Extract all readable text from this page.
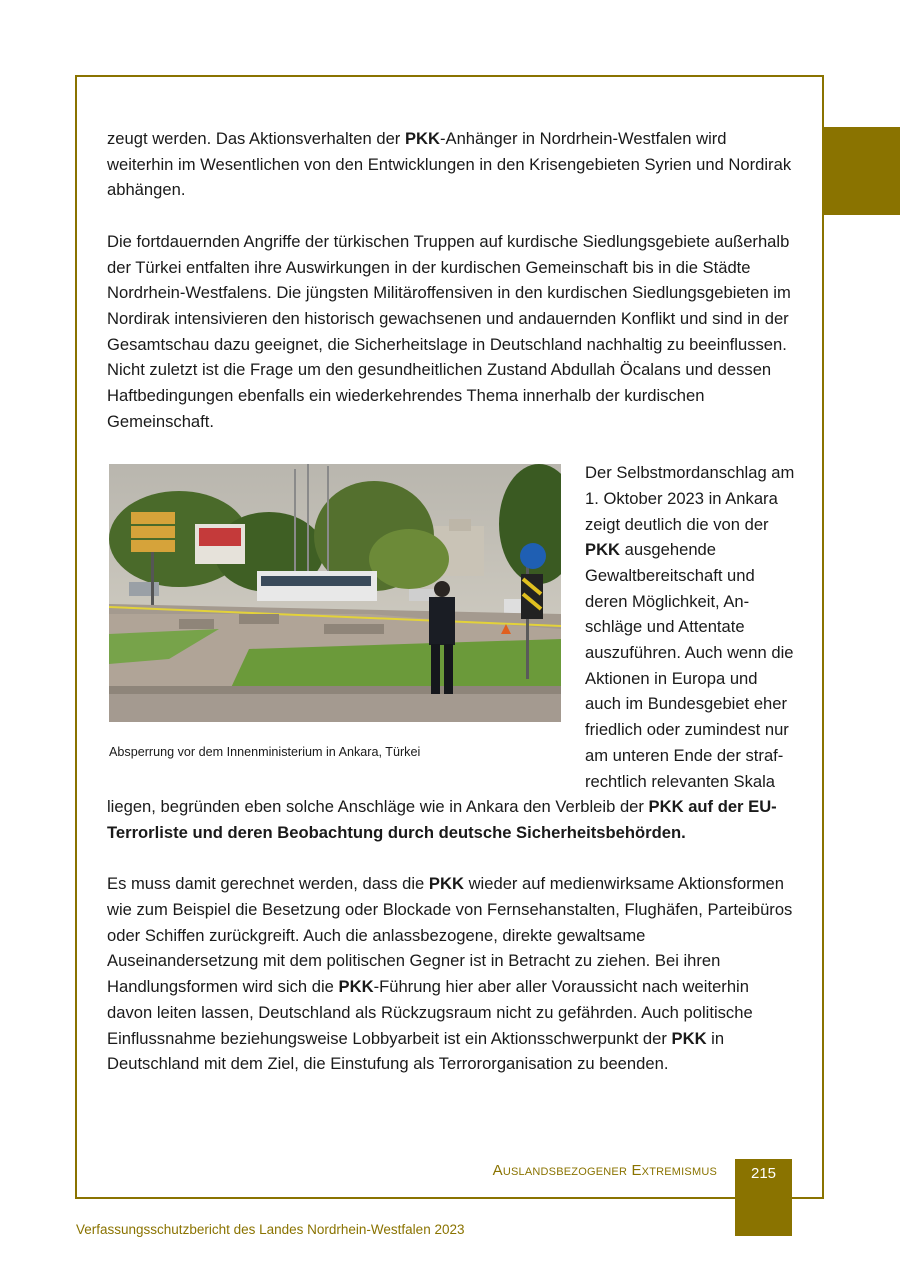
zeugt werden. Das Aktionsverhalten der PKK-Anhänger in Nordrhein-Westfalen wird weiterhin im Wesentlichen von den Entwicklungen in den Krisengebieten Syrien und Nordirak abhängen.

Die fortdauernden Angriffe der türkischen Truppen auf kurdische Siedlungsgebiete außerhalb der Türkei entfalten ihre Auswirkungen in der kurdischen Gemeinschaft bis in die Städte Nordrhein-Westfalens. Die jüngsten Militäroffensiven in den kurdischen Siedlungsgebieten im Nordirak intensivieren den historisch gewachsenen und andauernden Konflikt und sind in der Gesamtschau dazu geeignet, die Sicherheitslage in Deutschland nachhaltig zu beeinflussen. Nicht zuletzt ist die Frage um den gesundheitlichen Zustand Abdullah Öcalans und dessen Haftbedingungen ebenfalls ein wiederkehrendes Thema innerhalb der kurdischen Gemeinschaft.

Absperrung vor dem Innenministerium in Ankara, Türkei

Der Selbstmordanschlag am 1. Oktober 2023 in Ankara zeigt deutlich die von der PKK ausgehende Gewaltbereitschaft und deren Möglichkeit, Anschläge und Attentate auszuführen. Auch wenn die Aktionen in Europa und auch im Bundesgebiet eher friedlich oder zumindest nur am unteren Ende der strafrechtlich relevanten Skala liegen, begründen eben solche Anschläge wie in Ankara den Verbleib der PKK auf der EU-Terrorliste und deren Beobachtung durch deutsche Sicherheitsbehörden.

Es muss damit gerechnet werden, dass die PKK wieder auf medienwirksame Aktionsformen wie zum Beispiel die Besetzung oder Blockade von Fernsehanstalten, Flughäfen, Parteibüros oder Schiffen zurückgreift. Auch die anlassbezogene, direkte gewaltsame Auseinandersetzung mit dem politischen Gegner ist in Betracht zu ziehen. Bei ihren Handlungsformen wird sich die PKK-Führung hier aber aller Voraussicht nach weiterhin davon leiten lassen, Deutschland als Rückzugsraum nicht zu gefährden. Auch politische Einflussnahme beziehungsweise Lobbyarbeit ist ein Aktionsschwerpunkt der PKK in Deutschland mit dem Ziel, die Einstufung als Terrororganisation zu beenden.

Auslandsbezogener Extremismus	215
Verfassungsschutzbericht des Landes Nordrhein-Westfalen 2023
